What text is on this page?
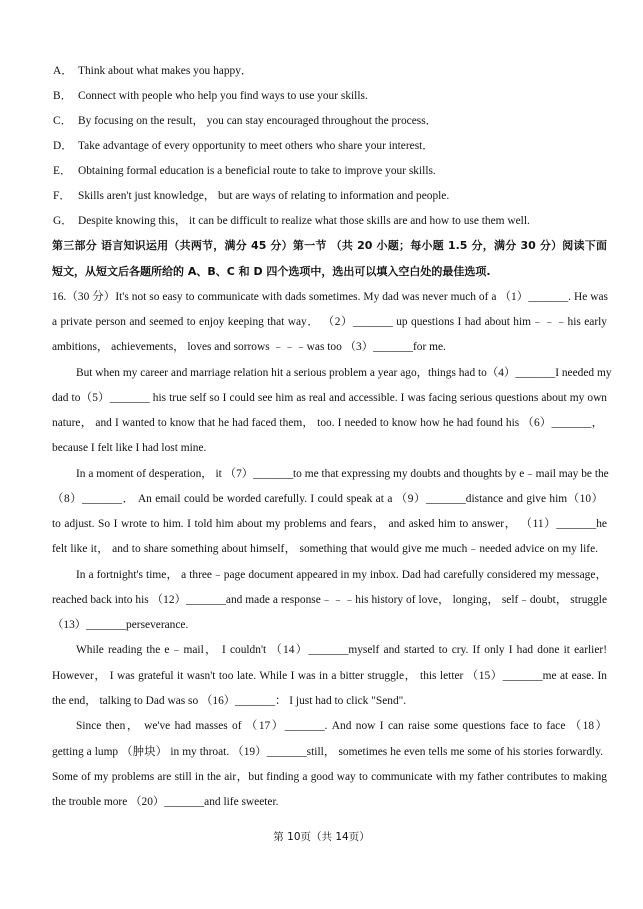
A． Think about what makes you happy．
B． Connect with people who help you find ways to use your skills.
C． By focusing on the result， you can stay encouraged throughout the process．
D． Take advantage of every opportunity to meet others who share your interest．
E． Obtaining formal education is a beneficial route to take to improve your skills.
F． Skills aren't just knowledge， but are ways of relating to information and people.
G． Despite knowing this， it can be difficult to realize what those skills are and how to use them well.
第三部分 语言知识运用（共两节，满分 45 分）第一节 （共 20 小题；每小题 1.5 分，满分 30 分）阅读下面
短文，从短文后各题所给的 A、B、C 和 D 四个选项中，选出可以填入空白处的最佳选项.
16.（30 分）It's not so easy to communicate with dads sometimes. My dad was never much of a （1）_______. He was
a private person and seemed to enjoy keeping that way． （2）_______ up questions I had about him﹣﹣﹣his early
ambitions， achievements， loves and sorrows ﹣﹣﹣was too （3）_______for me.
But when my career and marriage relation hit a serious problem a year ago，things had to（4）_______I needed my
dad to（5）_______ his true self so I could see him as real and accessible. I was facing serious questions about my own
nature， and I wanted to know that he had faced them， too. I needed to know how he had found his （6）_______，
because I felt like I had lost mine.
In a moment of desperation， it （7）_______to me that expressing my doubts and thoughts by e﹣mail may be the
（8）_______． An email could be worded carefully. I could speak at a （9）_______distance and give him（10）
to adjust. So I wrote to him. I told him about my problems and fears， and asked him to answer， （11）_______he
felt like it， and to share something about himself， something that would give me much﹣needed advice on my life.
In a fortnight's time， a three﹣page document appeared in my inbox. Dad had carefully considered my message，
reached back into his （12）_______and made a response﹣﹣﹣his history of love， longing， self﹣doubt， struggle
（13）_______perseverance.
While reading the e﹣mail， I couldn't （14）_______myself and started to cry. If only I had done it earlier!
However， I was grateful it wasn't too late. While I was in a bitter struggle， this letter （15）_______me at ease. In
the end， talking to Dad was so （16）_______： I just had to click "Send".
Since then， we've had masses of （17）_______. And now I can raise some questions face to face （18）
getting a lump （肿块） in my throat. （19）_______still， sometimes he even tells me some of his stories forwardly.
Some of my problems are still in the air，but finding a good way to communicate with my father contributes to making
the trouble more （20）_______and life sweeter.
第 10页（共 14页）
